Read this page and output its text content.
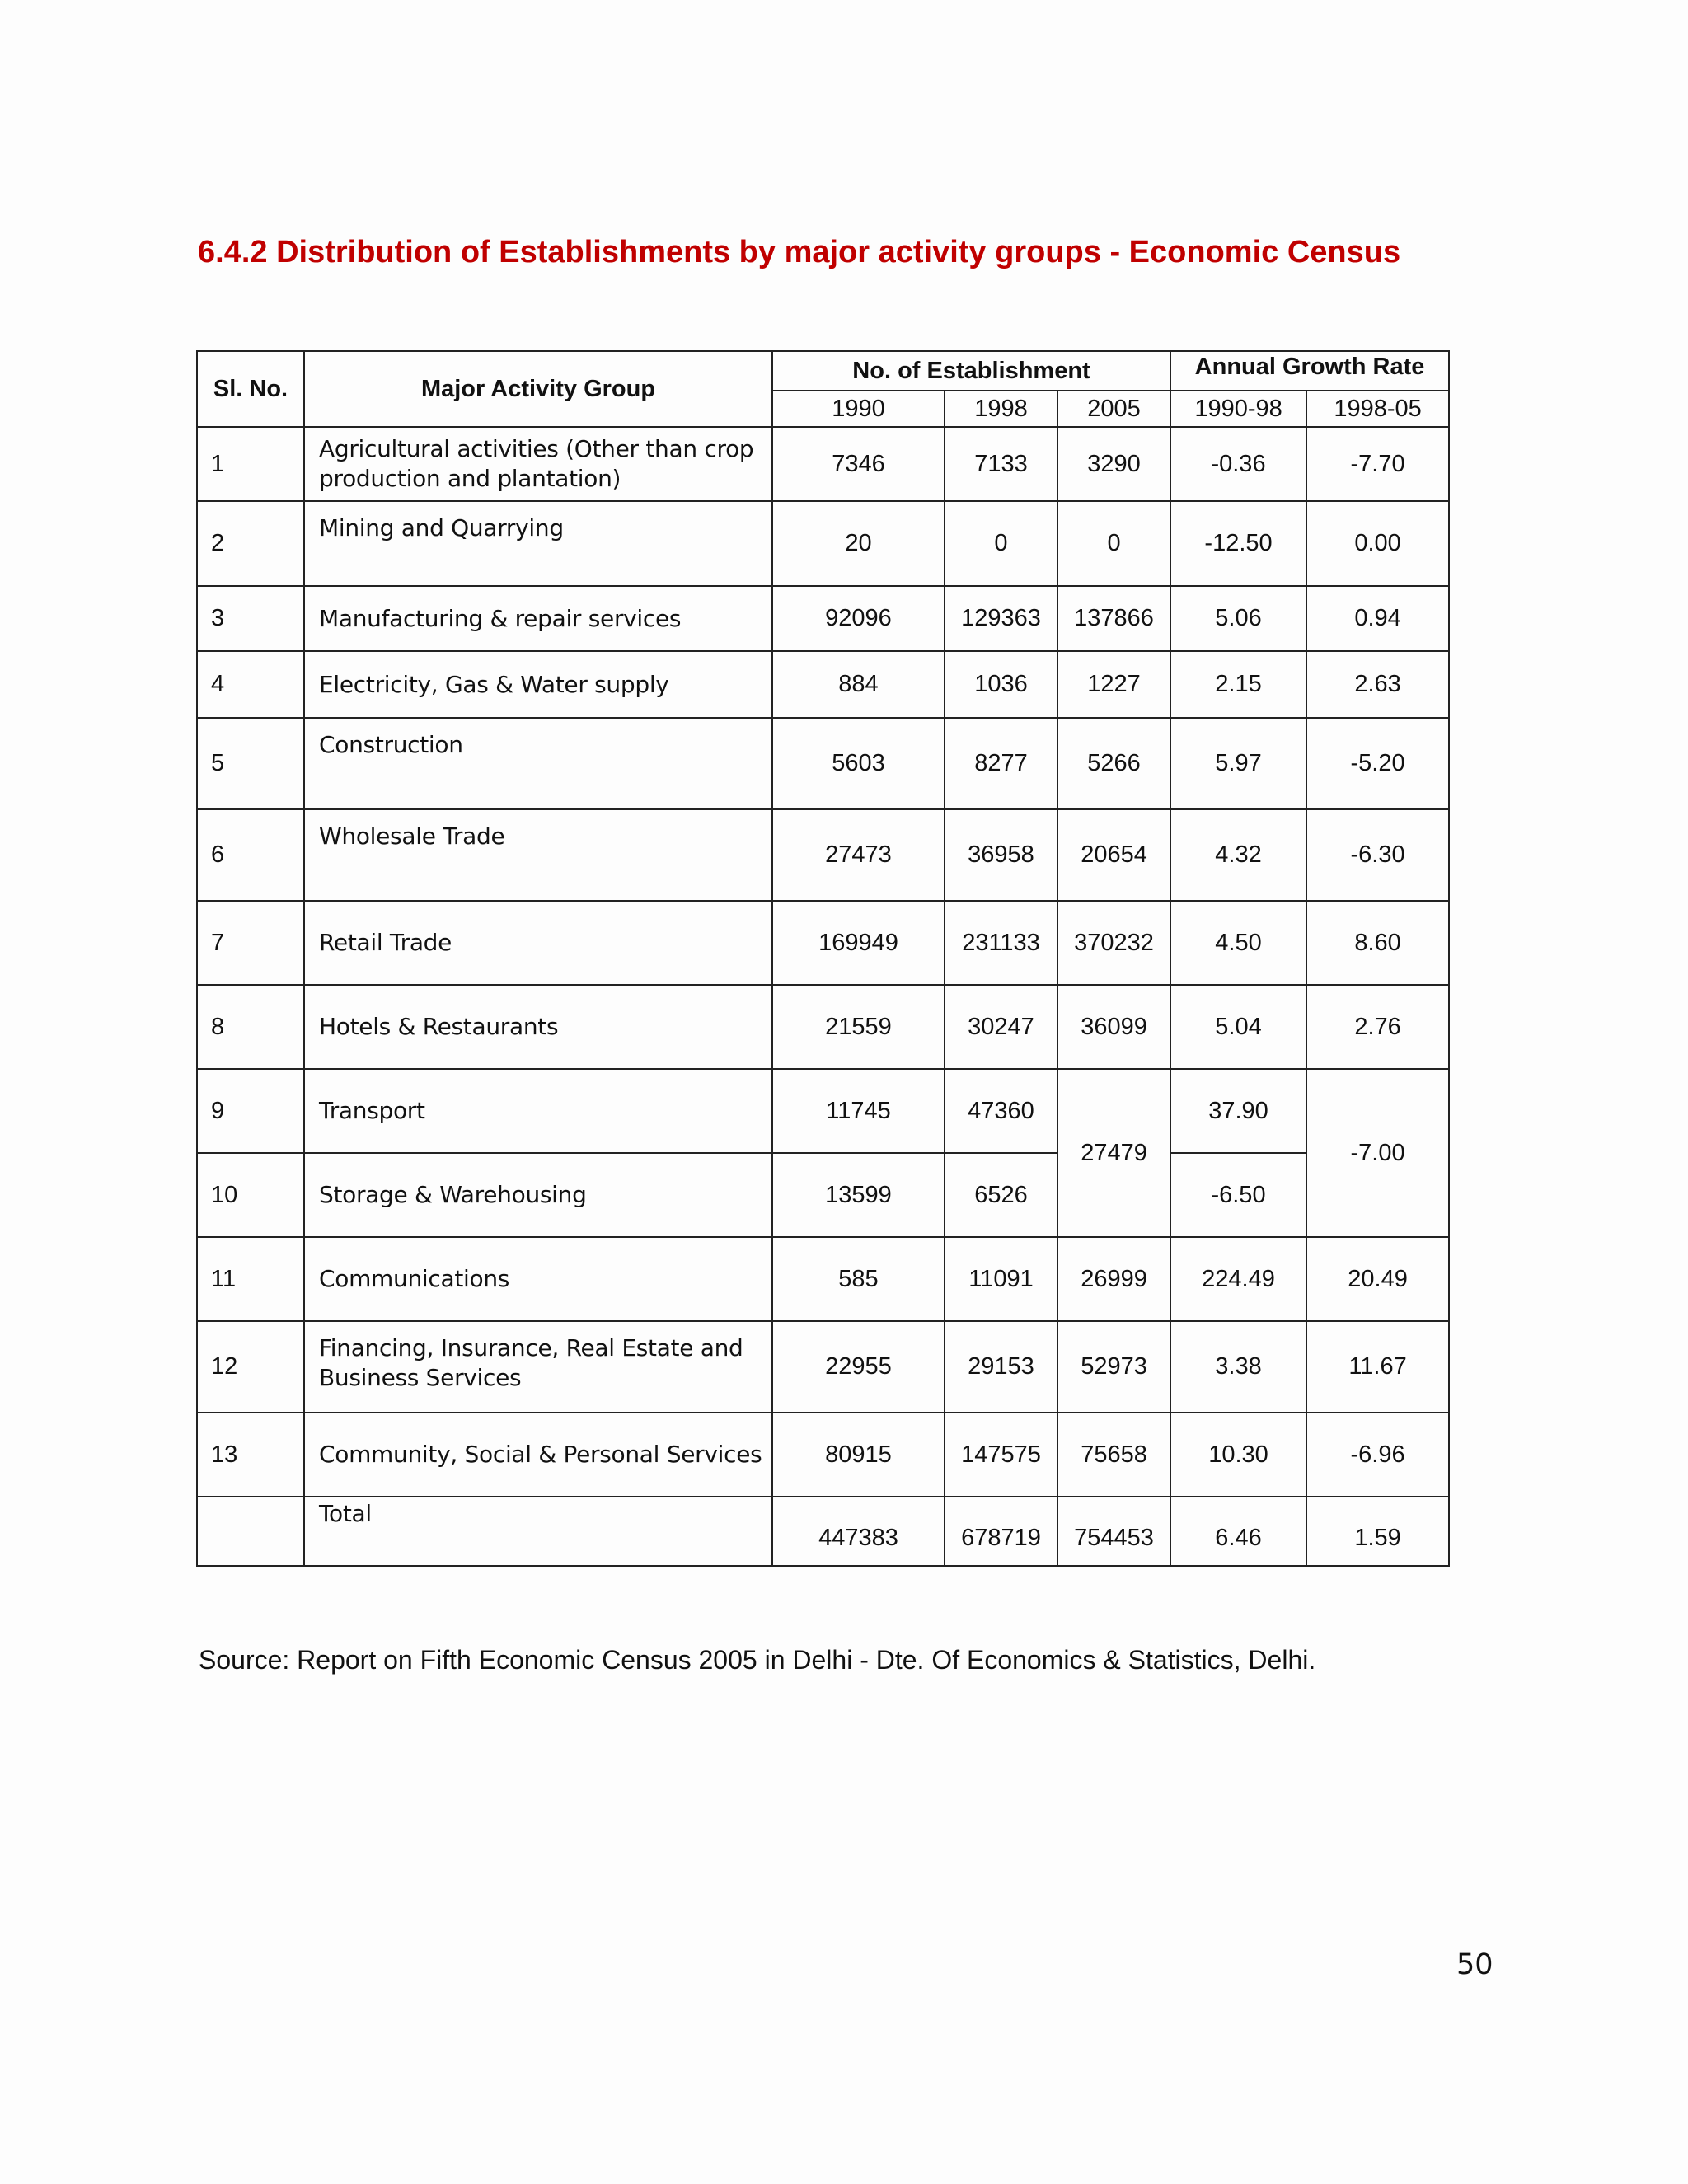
6.4.2 Distribution of Establishments by major activity groups - Economic Census
Sl. No.	Major Activity Group	No. of Establishment			Annual Growth Rate	
		1990	1998	2005	1990-98	1998-05
1	Agricultural activities (Other than crop production and plantation)	7346	7133	3290	-0.36	-7.70
2	Mining and Quarrying	20	0	0	-12.50	0.00
3	Manufacturing & repair services	92096	129363	137866	5.06	0.94
4	Electricity, Gas & Water supply	884	1036	1227	2.15	2.63
5	Construction	5603	8277	5266	5.97	-5.20
6	Wholesale Trade	27473	36958	20654	4.32	-6.30
7	Retail Trade	169949	231133	370232	4.50	8.60
8	Hotels & Restaurants	21559	30247	36099	5.04	2.76
9	Transport	11745	47360	27479	37.90	-7.00
10	Storage & Warehousing	13599	6526		-6.50	
11	Communications	585	11091	26999	224.49	20.49
12	Financing, Insurance, Real Estate and Business Services	22955	29153	52973	3.38	11.67
13	Community, Social & Personal Services	80915	147575	75658	10.30	-6.96
	Total	447383	678719	754453	6.46	1.59

Source: Report on Fifth Economic Census 2005 in Delhi - Dte. Of Economics & Statistics, Delhi.

50
